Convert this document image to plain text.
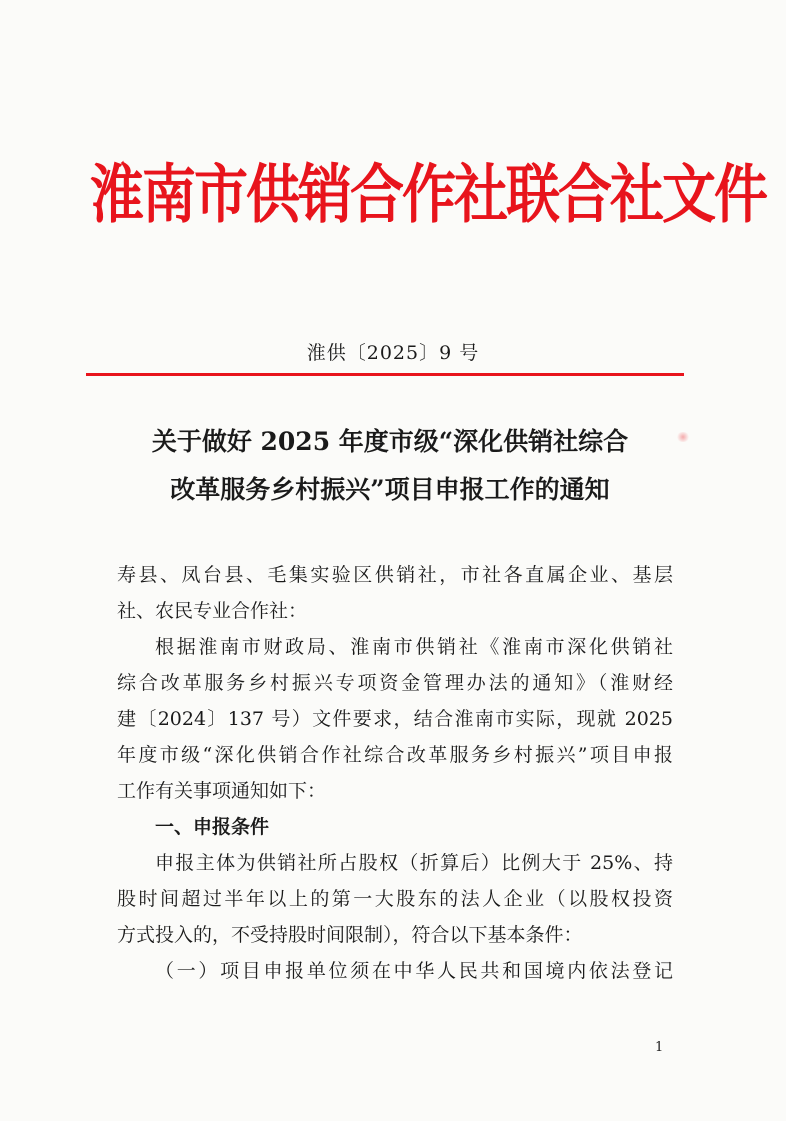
淮南市供销合作社联合社文件
淮供〔2025〕9 号
关于做好 2025 年度市级“深化供销社综合
改革服务乡村振兴”项目申报工作的通知
寿县、凤台县、毛集实验区供销社，市社各直属企业、基层
社、农民专业合作社：
根据淮南市财政局、淮南市供销社《淮南市深化供销社
综合改革服务乡村振兴专项资金管理办法的通知》（淮财经
建〔2024〕137 号）文件要求，结合淮南市实际，现就 2025
年度市级“深化供销合作社综合改革服务乡村振兴”项目申报
工作有关事项通知如下：
一、申报条件
申报主体为供销社所占股权（折算后）比例大于 25%、持
股时间超过半年以上的第一大股东的法人企业（以股权投资
方式投入的，不受持股时间限制），符合以下基本条件：
（一）项目申报单位须在中华人民共和国境内依法登记
1
